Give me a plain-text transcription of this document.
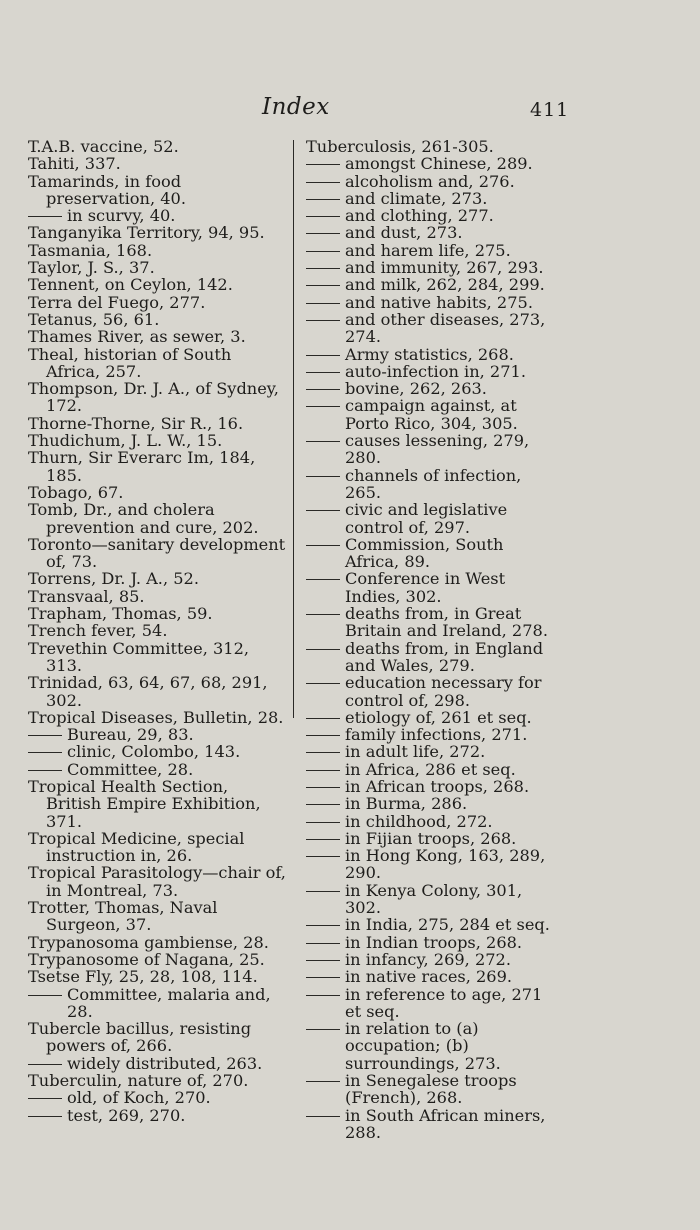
Index	411

T.A.B. vaccine, 52.

Tahiti, 337.

Tamarinds, in food preservation, 40.

in scurvy, 40.

Tanganyika Territory, 94, 95.

Tasmania, 168.

Taylor, J. S., 37.

Tennent, on Ceylon, 142.

Terra del Fuego, 277.

Tetanus, 56, 61.

Thames River, as sewer, 3.

Theal, historian of South Africa, 257.

Thompson, Dr. J. A., of Sydney, 172.

Thorne-Thorne, Sir R., 16.

Thudichum, J. L. W., 15.

Thurn, Sir Everarc Im, 184, 185.

Tobago, 67.

Tomb, Dr., and cholera prevention and cure, 202.

Toronto—sanitary development of, 73.

Torrens, Dr. J. A., 52.

Transvaal, 85.

Trapham, Thomas, 59.

Trench fever, 54.

Trevethin Committee, 312, 313.

Trinidad, 63, 64, 67, 68, 291, 302.

Tropical Diseases, Bulletin, 28.

Bureau, 29, 83.

clinic, Colombo, 143.

Committee, 28.

Tropical Health Section, British Empire Exhibition, 371.

Tropical Medicine, special instruction in, 26.

Tropical Parasitology—chair of, in Montreal, 73.

Trotter, Thomas, Naval Surgeon, 37.

Trypanosoma gambiense, 28.

Trypanosome of Nagana, 25.

Tsetse Fly, 25, 28, 108, 114.

Committee, malaria and, 28.

Tubercle bacillus, resisting powers of, 266.

widely distributed, 263.

Tuberculin, nature of, 270.

old, of Koch, 270.

test, 269, 270.

Tuberculosis, 261-305.

amongst Chinese, 289.

alcoholism and, 276.

and climate, 273.

and clothing, 277.

and dust, 273.

and harem life, 275.

and immunity, 267, 293.

and milk, 262, 284, 299.

and native habits, 275.

and other diseases, 273, 274.

Army statistics, 268.

auto-infection in, 271.

bovine, 262, 263.

campaign against, at Porto Rico, 304, 305.

causes lessening, 279, 280.

channels of infection, 265.

civic and legislative control of, 297.

Commission, South Africa, 89.

Conference in West Indies, 302.

deaths from, in Great Britain and Ireland, 278.

deaths from, in England and Wales, 279.

education necessary for control of, 298.

etiology of, 261 et seq.

family infections, 271.

in adult life, 272.

in Africa, 286 et seq.

in African troops, 268.

in Burma, 286.

in childhood, 272.

in Fijian troops, 268.

in Hong Kong, 163, 289, 290.

in Kenya Colony, 301, 302.

in India, 275, 284 et seq.

in Indian troops, 268.

in infancy, 269, 272.

in native races, 269.

in reference to age, 271 et seq.

in relation to (a) occupation; (b) surroundings, 273.

in Senegalese troops (French), 268.

in South African miners, 288.
